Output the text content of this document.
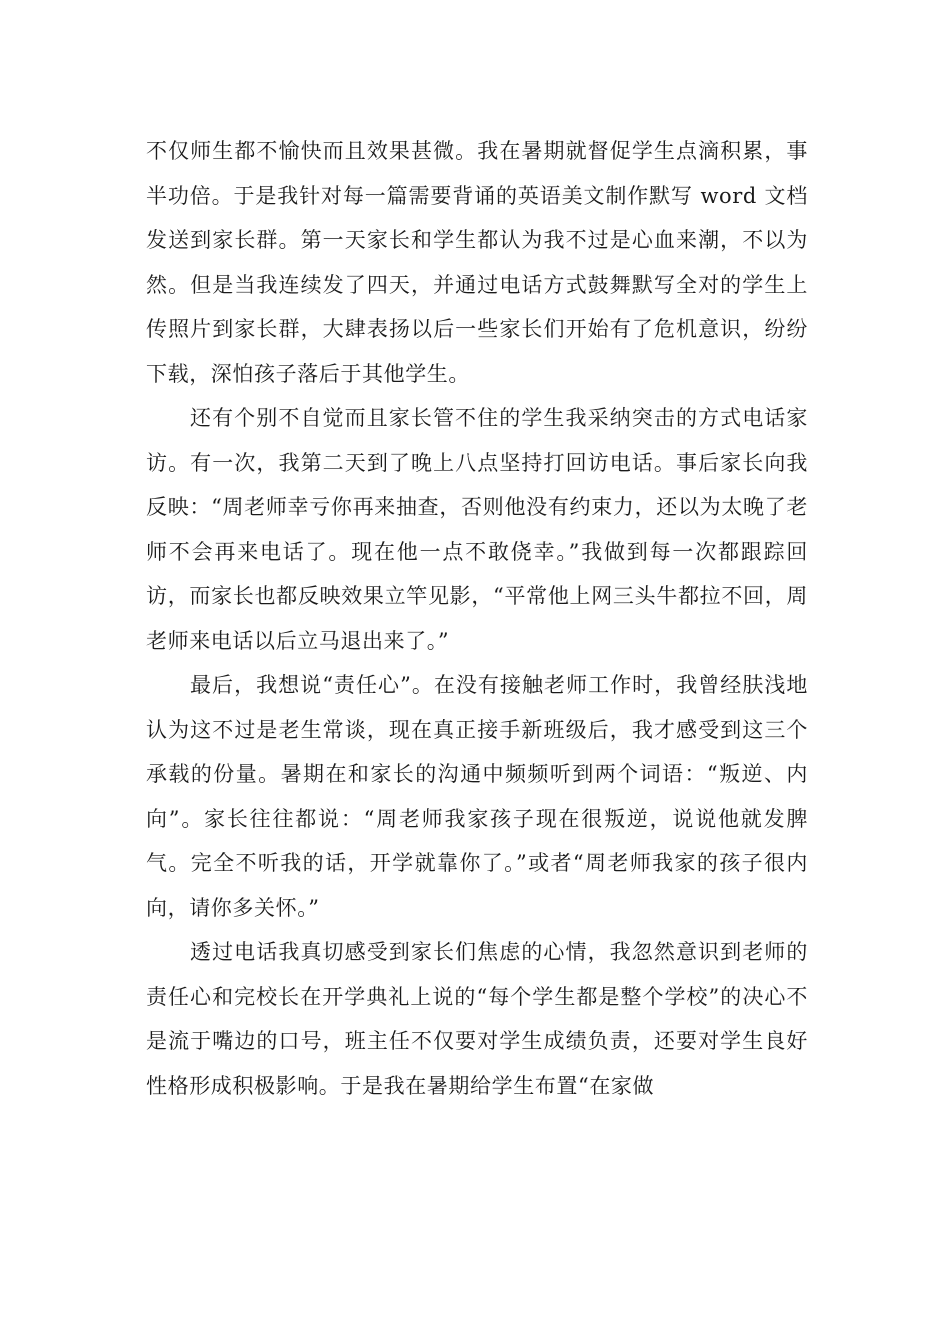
不仅师生都不愉快而且效果甚微。我在暑期就督促学生点滴积累，事半功倍。于是我针对每一篇需要背诵的英语美文制作默写 word 文档发送到家长群。第一天家长和学生都认为我不过是心血来潮，不以为然。但是当我连续发了四天，并通过电话方式鼓舞默写全对的学生上传照片到家长群，大肆表扬以后一些家长们开始有了危机意识，纷纷下载，深怕孩子落后于其他学生。

还有个别不自觉而且家长管不住的学生我采纳突击的方式电话家访。有一次，我第二天到了晚上八点坚持打回访电话。事后家长向我反映：“周老师幸亏你再来抽查，否则他没有约束力，还以为太晚了老师不会再来电话了。现在他一点不敢侥幸。”我做到每一次都跟踪回访，而家长也都反映效果立竿见影，“平常他上网三头牛都拉不回，周老师来电话以后立马退出来了。”

最后，我想说“责任心”。在没有接触老师工作时，我曾经肤浅地认为这不过是老生常谈，现在真正接手新班级后，我才感受到这三个承载的份量。暑期在和家长的沟通中频频听到两个词语：“叛逆、内向”。家长往往都说：“周老师我家孩子现在很叛逆，说说他就发脾气。完全不听我的话，开学就靠你了。”或者“周老师我家的孩子很内向，请你多关怀。”

透过电话我真切感受到家长们焦虑的心情，我忽然意识到老师的责任心和完校长在开学典礼上说的“每个学生都是整个学校”的决心不是流于嘴边的口号，班主任不仅要对学生成绩负责，还要对学生良好性格形成积极影响。于是我在暑期给学生布置“在家做
